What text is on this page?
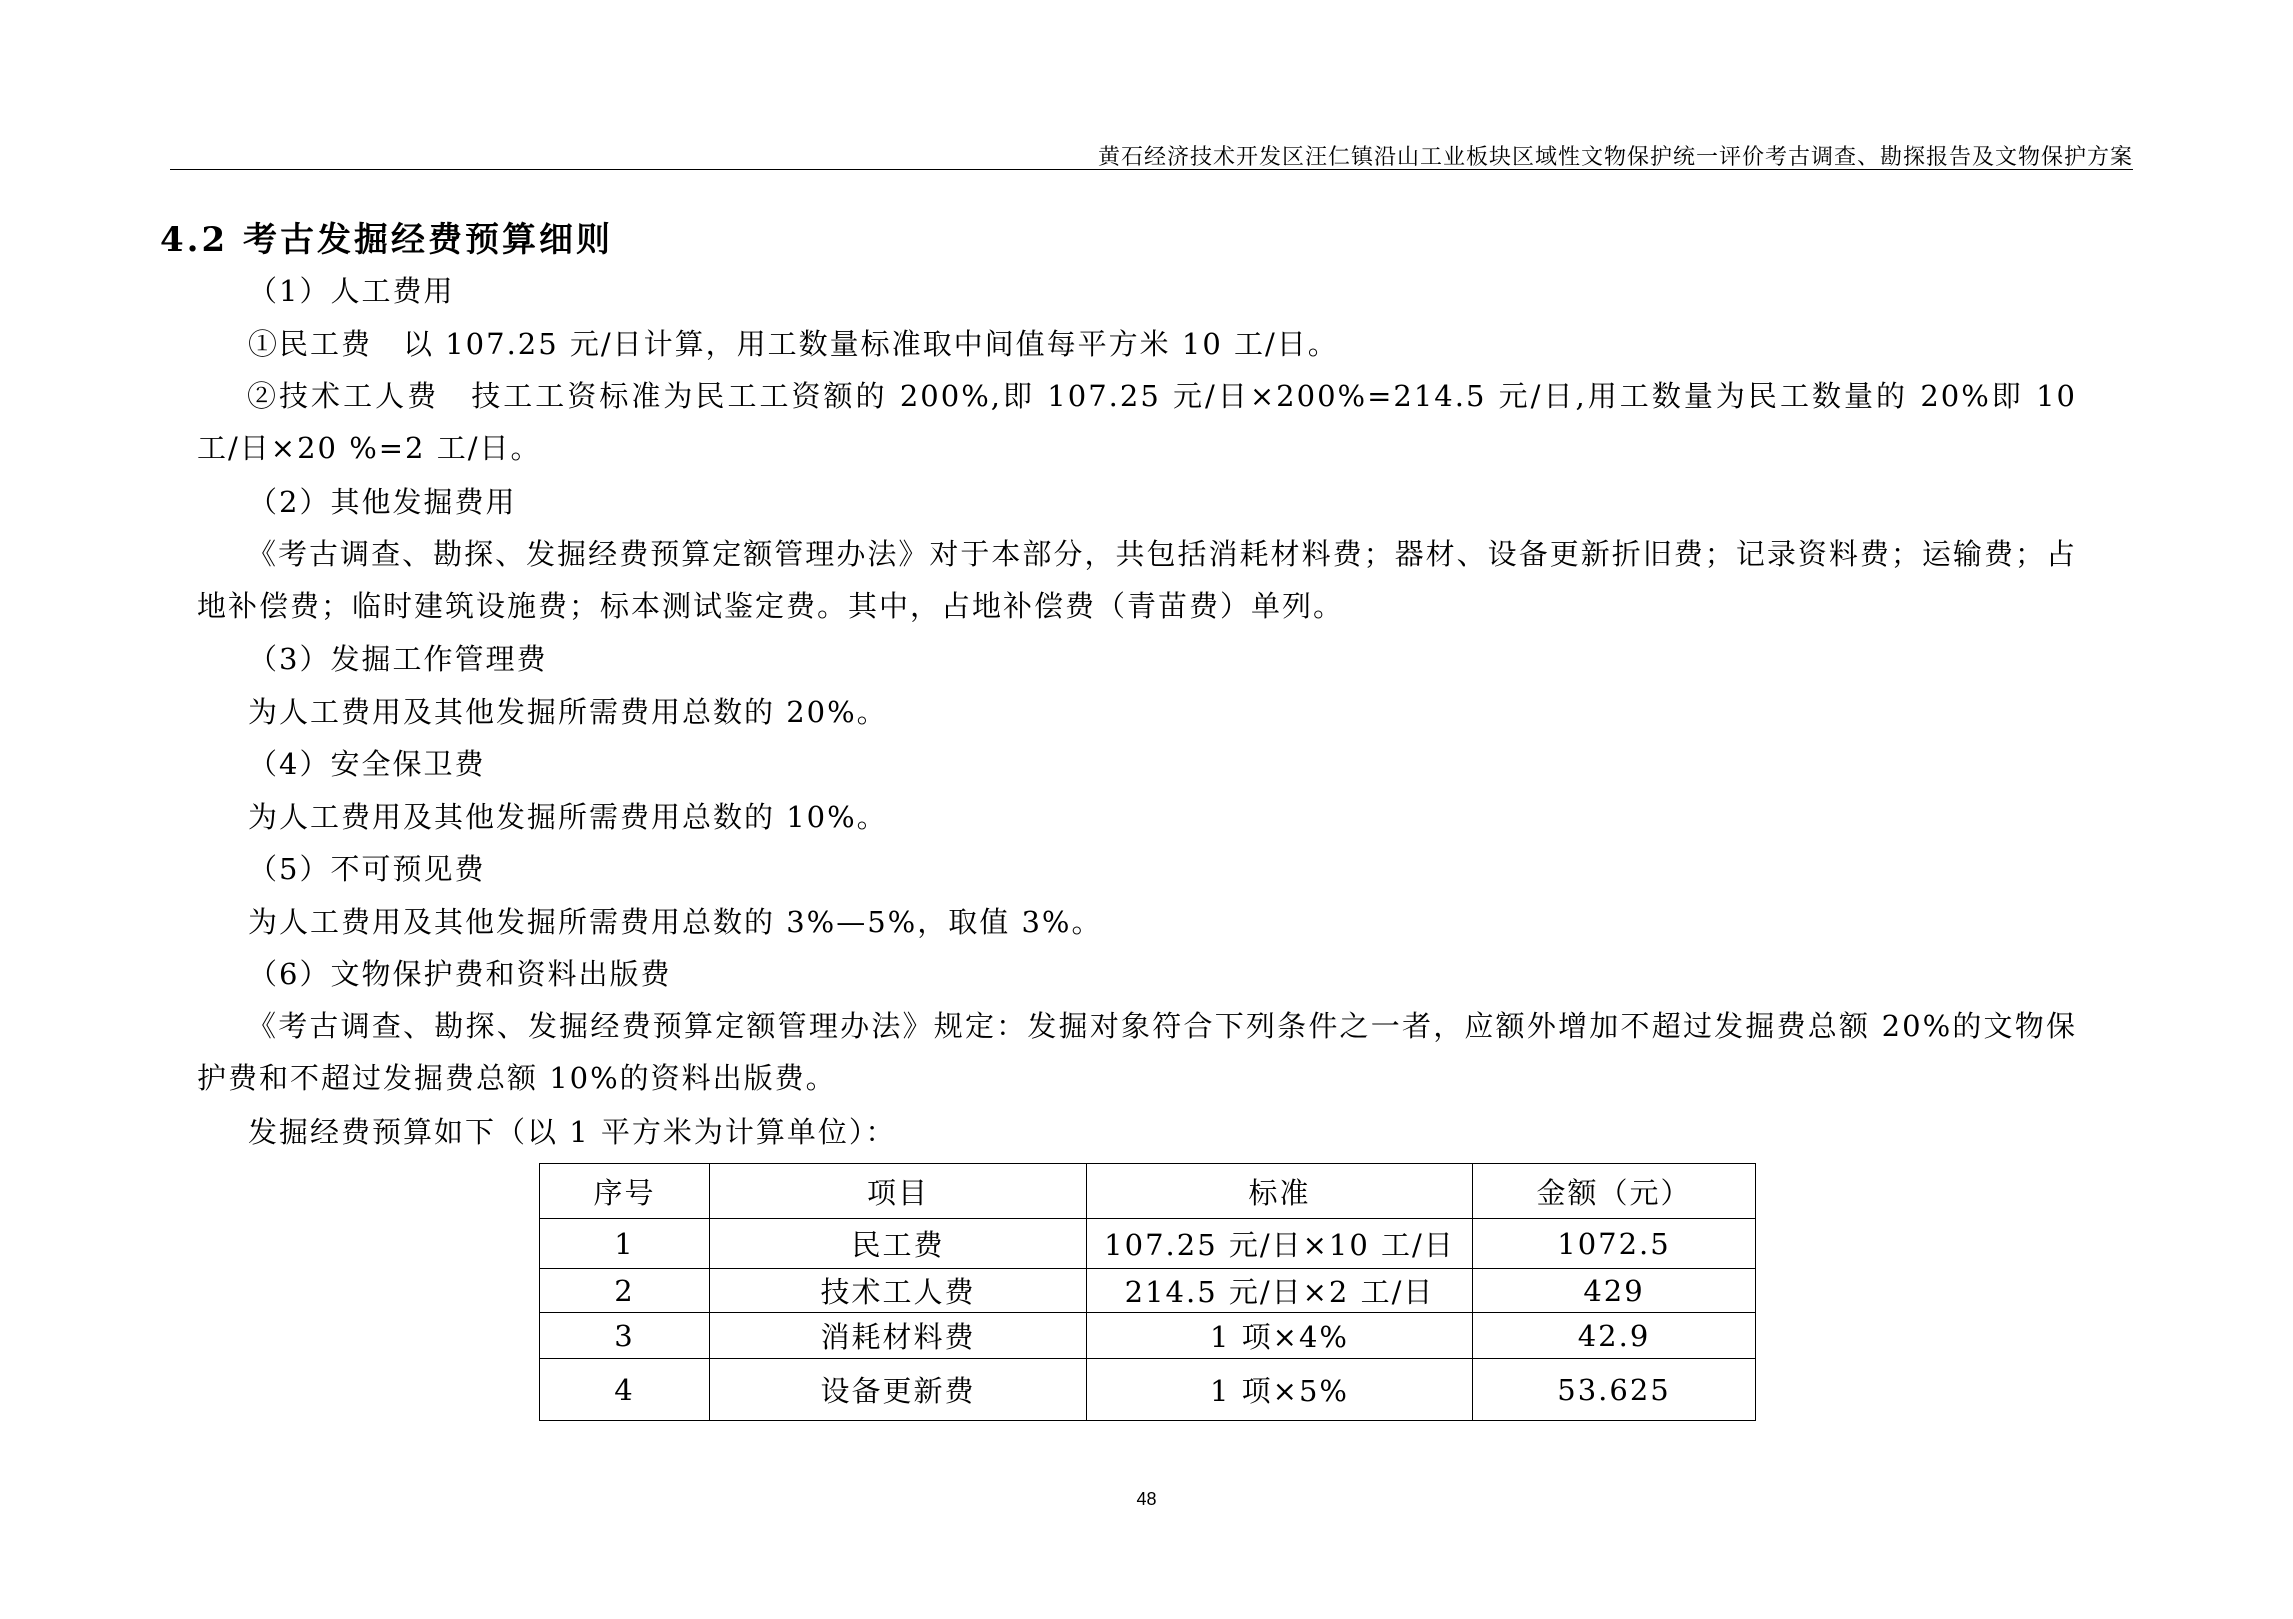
黄石经济技术开发区汪仁镇沿山工业板块区域性文物保护统一评价考古调查、勘探报告及文物保护方案
4.2 考古发掘经费预算细则

（1）人工费用

①民工费　以 107.25 元/日计算，用工数量标准取中间值每平方米 10 工/日。

②技术工人费　技工工资标准为民工工资额的 200%,即 107.25 元/日×200%=214.5 元/日,用工数量为民工数量的 20%即 10 工/日×20 %=2 工/日。

（2）其他发掘费用

《考古调查、勘探、发掘经费预算定额管理办法》对于本部分，共包括消耗材料费；器材、设备更新折旧费；记录资料费；运输费；占地补偿费；临时建筑设施费；标本测试鉴定费。其中，占地补偿费（青苗费）单列。

（3）发掘工作管理费

为人工费用及其他发掘所需费用总数的 20%。

（4）安全保卫费

为人工费用及其他发掘所需费用总数的 10%。

（5）不可预见费

为人工费用及其他发掘所需费用总数的 3%—5%，取值 3%。

（6）文物保护费和资料出版费

《考古调查、勘探、发掘经费预算定额管理办法》规定：发掘对象符合下列条件之一者，应额外增加不超过发掘费总额 20%的文物保护费和不超过发掘费总额 10%的资料出版费。

发掘经费预算如下（以 1 平方米为计算单位）：

序号	项目	标准	金额（元）
1	民工费	107.25 元/日×10 工/日	1072.5
2	技术工人费	214.5 元/日×2 工/日	429
3	消耗材料费	1 项×4%	42.9
4	设备更新费	1 项×5%	53.625
48
